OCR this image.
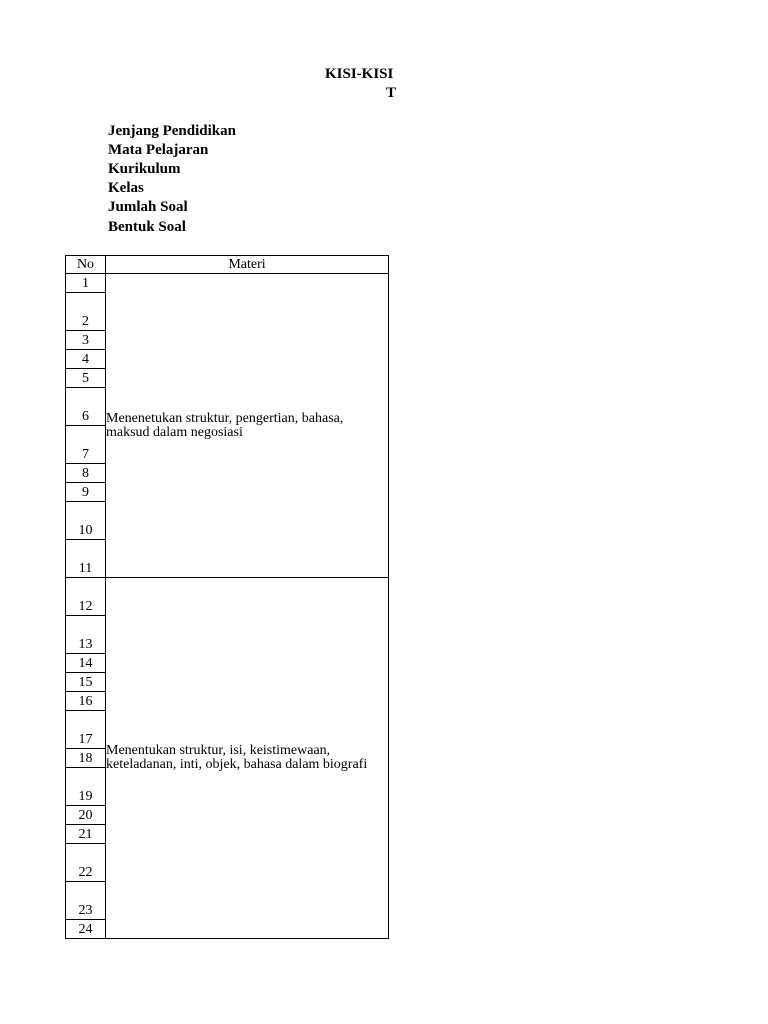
KISI-KISI
T
Jenjang Pendidikan
Mata Pelajaran
Kurikulum
Kelas
Jumlah Soal
Bentuk Soal
No	Materi
1	Menenetukan struktur, pengertian, bahasa, maksud dalam negosiasi
2	
3	
4	
5	
6	
7	
8	
9	
10	
11	
12	Menentukan struktur, isi, keistimewaan, keteladanan, inti, objek, bahasa dalam biografi
13	
14	
15	
16	
17	
18	
19	
20	
21	
22	
23	
24	
